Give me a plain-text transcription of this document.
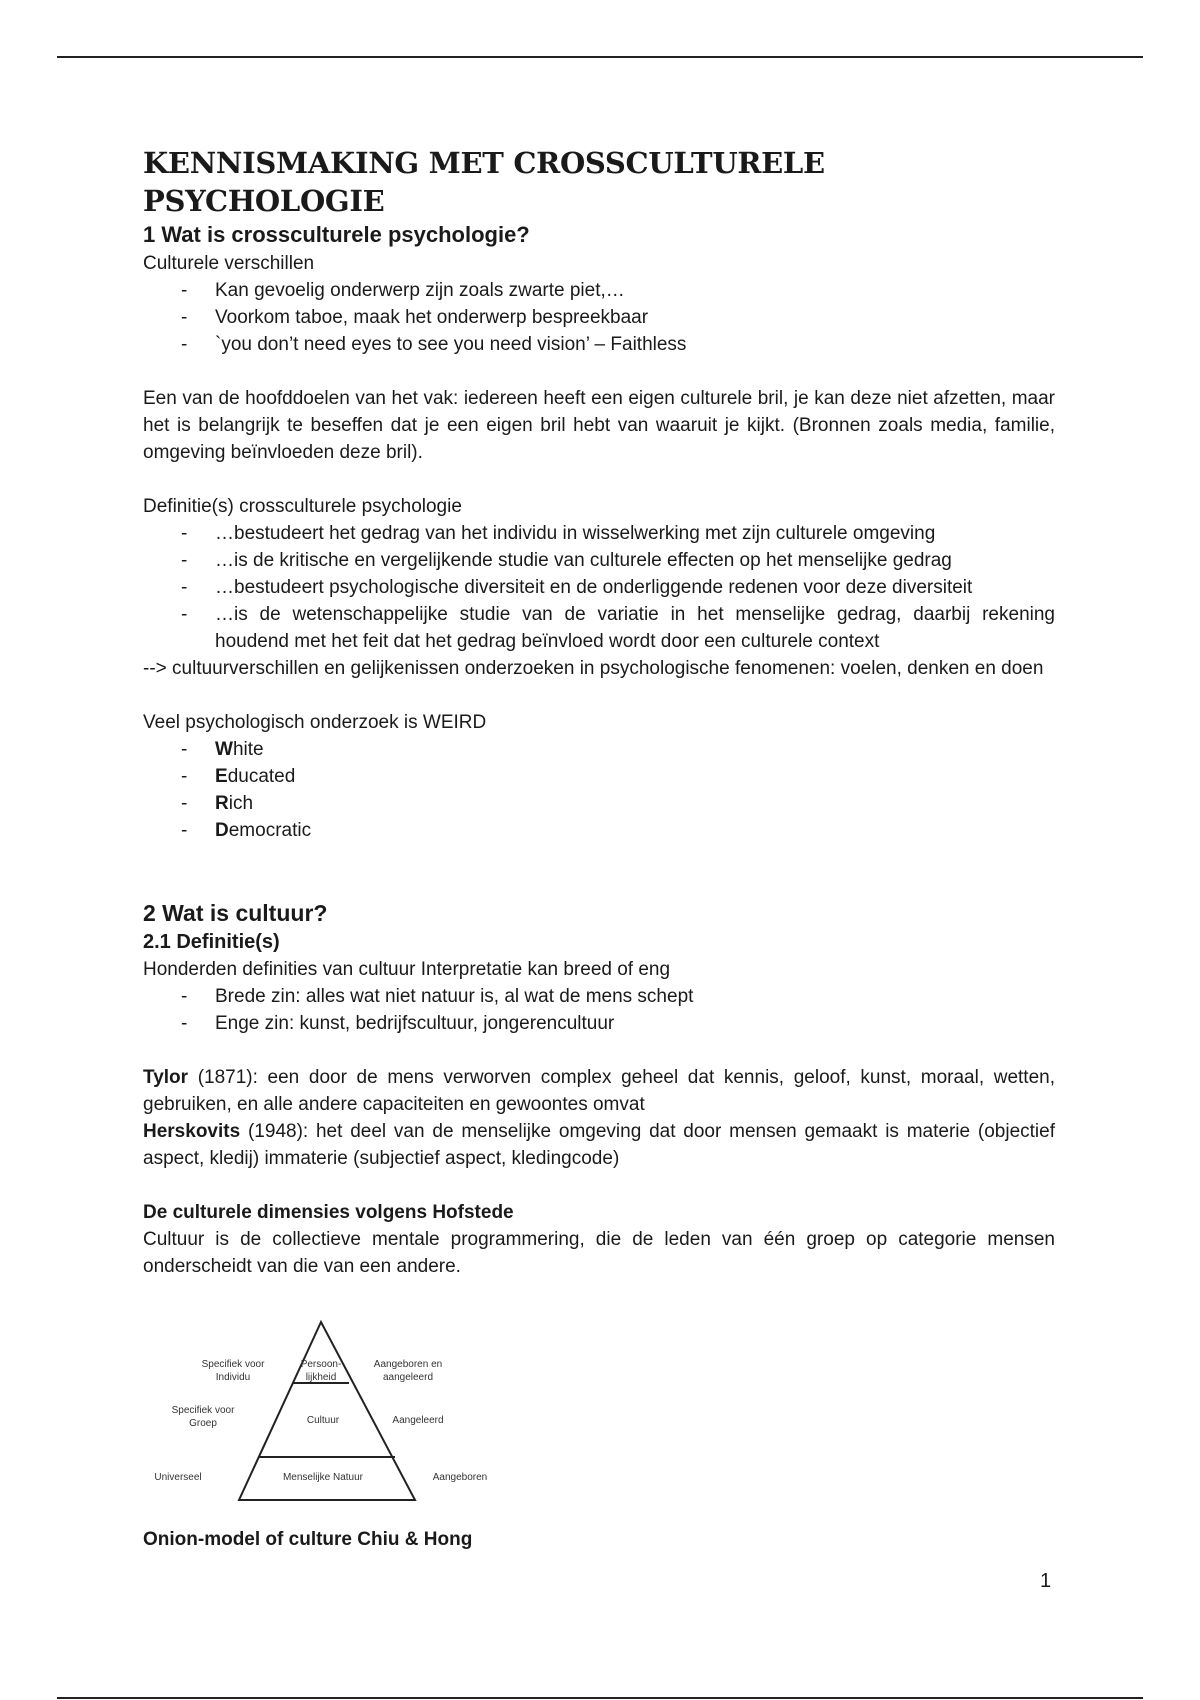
KENNISMAKING MET CROSSCULTURELE PSYCHOLOGIE
1 Wat is crossculturele psychologie?

Culturele verschillen

- Kan gevoelig onderwerp zijn zoals zwarte piet,…
- Voorkom taboe, maak het onderwerp bespreekbaar
- `you don’t need eyes to see you need vision’ – Faithless

Een van de hoofddoelen van het vak: iedereen heeft een eigen culturele bril, je kan deze niet afzetten, maar het is belangrijk te beseffen dat je een eigen bril hebt van waaruit je kijkt. (Bronnen zoals media, familie, omgeving beïnvloeden deze bril).

Definitie(s) crossculturele psychologie

- …bestudeert het gedrag van het individu in wisselwerking met zijn culturele omgeving
- …is de kritische en vergelijkende studie van culturele effecten op het menselijke gedrag
- …bestudeert psychologische diversiteit en de onderliggende redenen voor deze diversiteit
- …is de wetenschappelijke studie van de variatie in het menselijke gedrag, daarbij rekening houdend met het feit dat het gedrag beïnvloed wordt door een culturele context

--> cultuurverschillen en gelijkenissen onderzoeken in psychologische fenomenen: voelen, denken en doen

Veel psychologisch onderzoek is WEIRD

- White
- Educated
- Rich
- Democratic
2 Wat is cultuur?
2.1 Definitie(s)

Honderden definities van cultuur Interpretatie kan breed of eng

- Brede zin: alles wat niet natuur is, al wat de mens schept
- Enge zin: kunst, bedrijfscultuur, jongerencultuur

Tylor (1871): een door de mens verworven complex geheel dat kennis, geloof, kunst, moraal, wetten, gebruiken, en alle andere capaciteiten en gewoontes omvat

Herskovits (1948): het deel van de menselijke omgeving dat door mensen gemaakt is materie (objectief aspect, kledij) immaterie (subjectief aspect, kledingcode)

De culturele dimensies volgens Hofstede

Cultuur is de collectieve mentale programmering, die de leden van één groep op categorie mensen onderscheidt van die van een andere.

Persoon-lijkheid
Cultuur
Menselijke Natuur
Specifiek voor Individu
Specifiek voor Groep
Universeel
Aangeboren en aangeleerd
Aangeleerd
Aangeboren

Onion-model of culture Chiu & Hong

1
